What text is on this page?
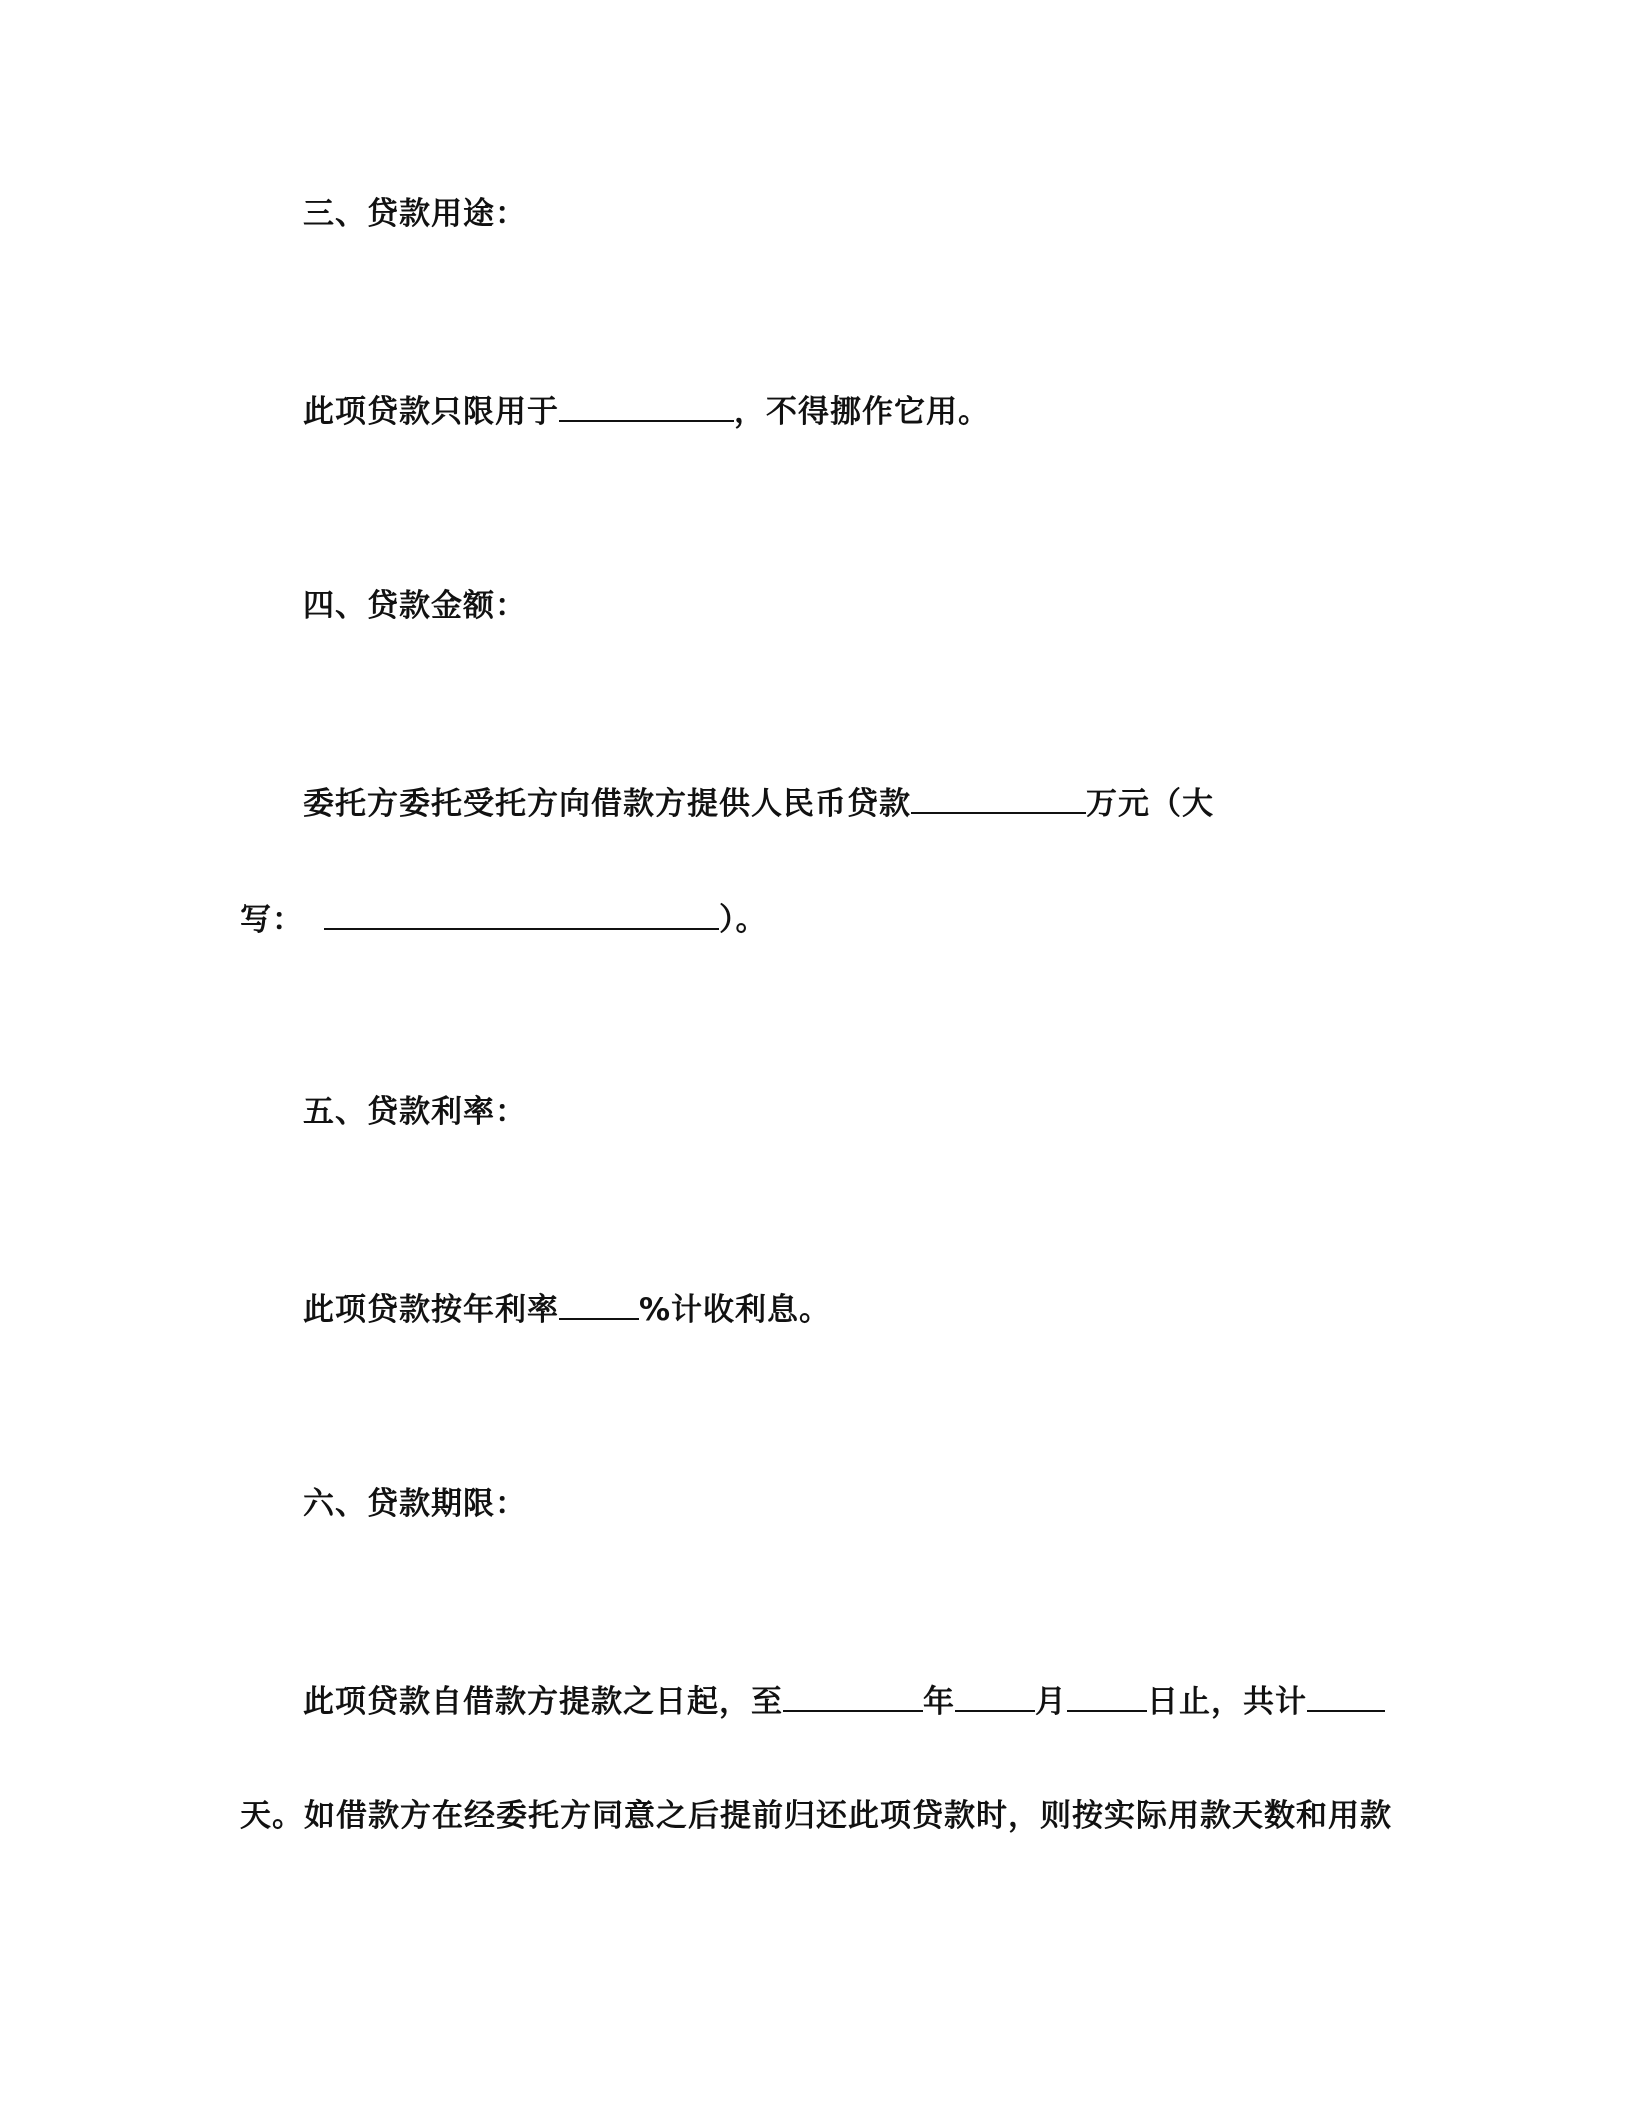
三、贷款用途：
此项贷款只限用于	，不得挪作它用。
四、贷款金额：
委托方委托受托方向借款方提供人民币贷款	万元（大
写：	）。
五、贷款利率：
此项贷款按年利率	%计收利息。
六、贷款期限：
此项贷款自借款方提款之日起，至	年	月	日止，共计
天。如借款方在经委托方同意之后提前归还此项贷款时，则按实际用款天数和用款
